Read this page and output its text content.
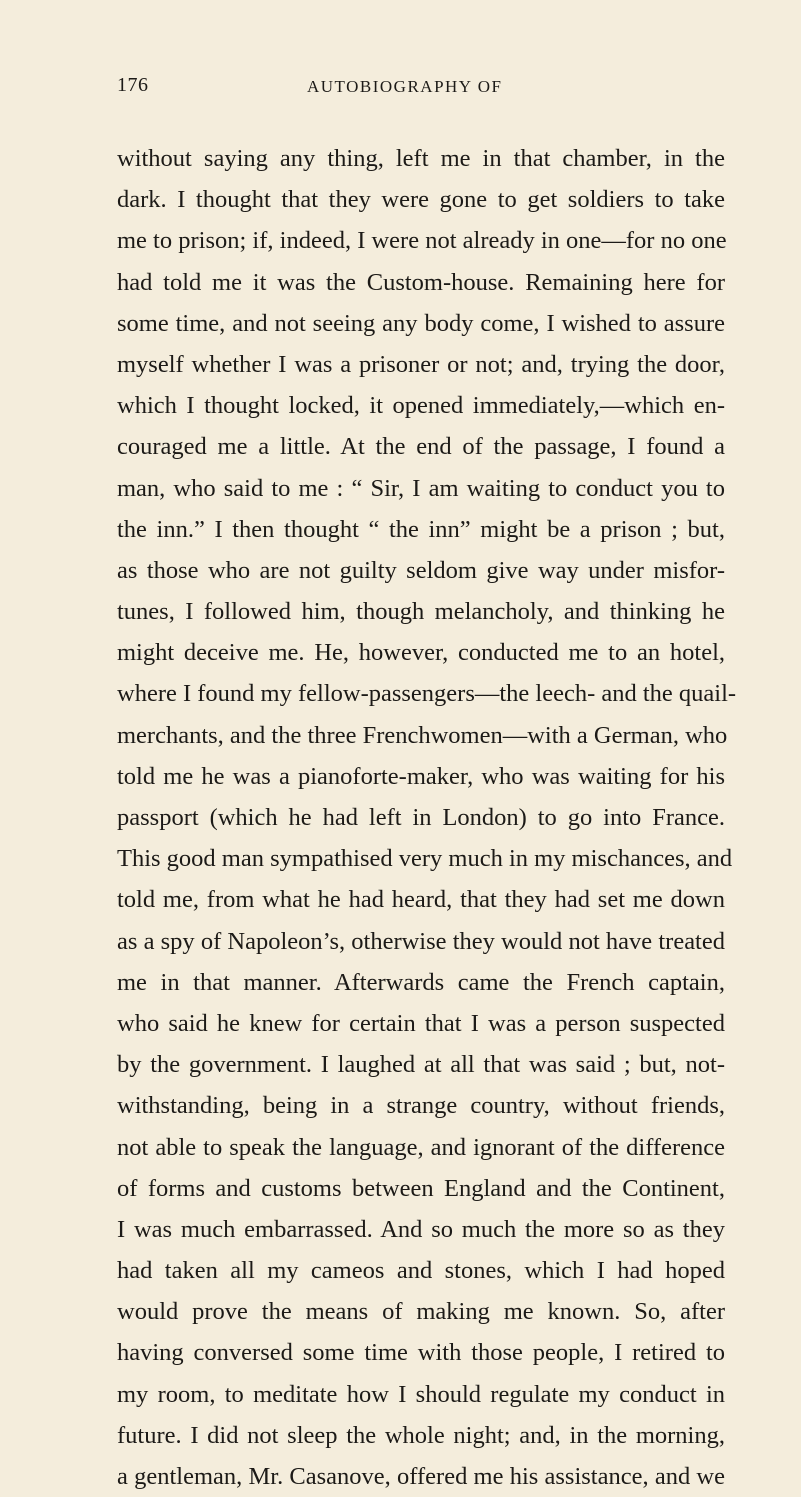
176	AUTOBIOGRAPHY OF
without saying any thing, left me in that chamber, in the
dark. I thought that they were gone to get soldiers to take
me to prison; if, indeed, I were not already in one—for no one
had told me it was the Custom-house. Remaining here for
some time, and not seeing any body come, I wished to assure
myself whether I was a prisoner or not; and, trying the door,
which I thought locked, it opened immediately,—which en-
couraged me a little. At the end of the passage, I found a
man, who said to me : “ Sir, I am waiting to conduct you to
the inn.” I then thought “ the inn” might be a prison ; but,
as those who are not guilty seldom give way under misfor-
tunes, I followed him, though melancholy, and thinking he
might deceive me. He, however, conducted me to an hotel,
where I found my fellow-passengers—the leech- and the quail-
merchants, and the three Frenchwomen—with a German, who
told me he was a pianoforte-maker, who was waiting for his
passport (which he had left in London) to go into France.
This good man sympathised very much in my mischances, and
told me, from what he had heard, that they had set me down
as a spy of Napoleon’s, otherwise they would not have treated
me in that manner. Afterwards came the French captain,
who said he knew for certain that I was a person suspected
by the government. I laughed at all that was said ; but, not-
withstanding, being in a strange country, without friends,
not able to speak the language, and ignorant of the difference
of forms and customs between England and the Continent,
I was much embarrassed. And so much the more so as they
had taken all my cameos and stones, which I had hoped
would prove the means of making me known. So, after
having conversed some time with those people, I retired to
my room, to meditate how I should regulate my conduct in
future. I did not sleep the whole night; and, in the morning,
a gentleman, Mr. Casanove, offered me his assistance, and we
